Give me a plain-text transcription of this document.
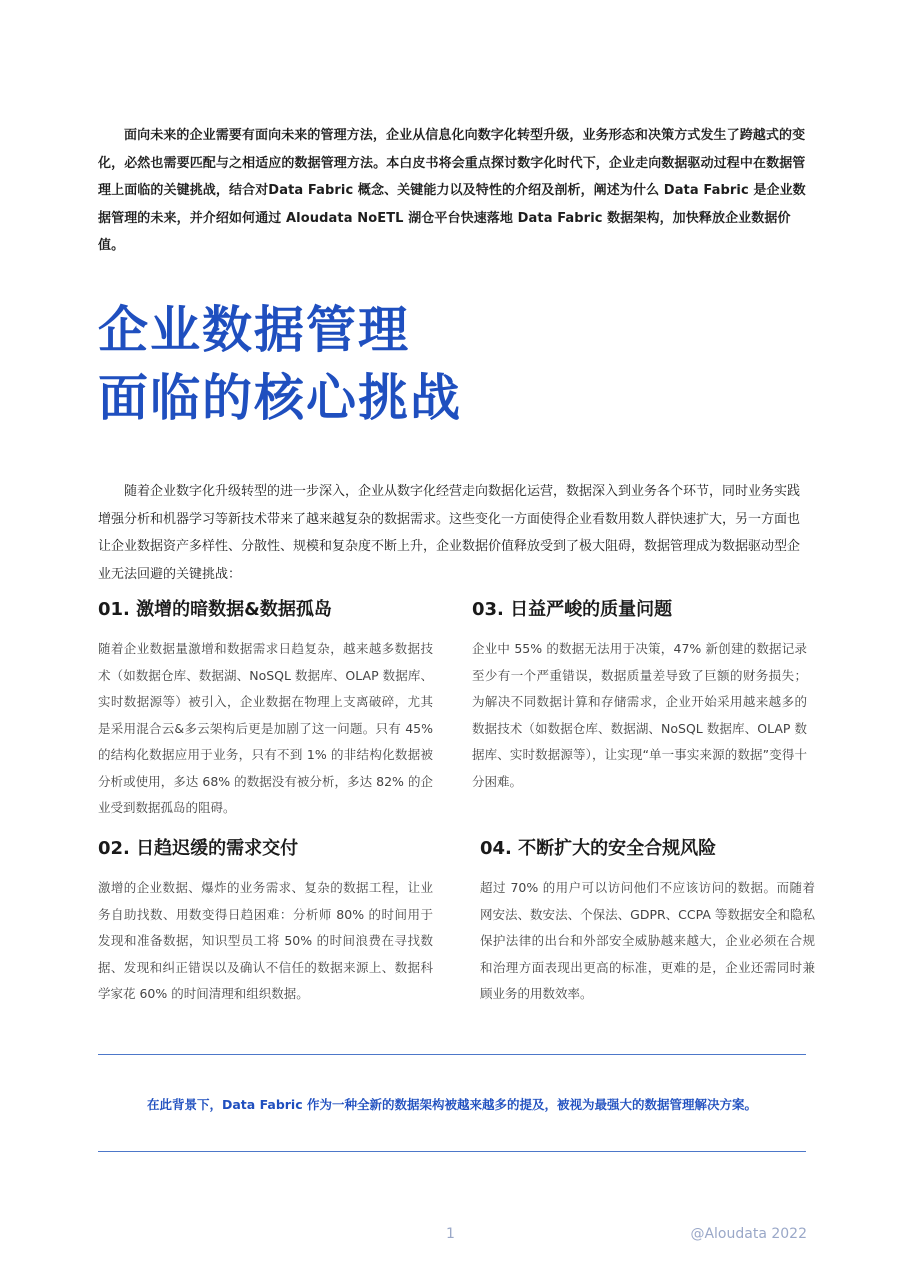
面向未来的企业需要有面向未来的管理方法，企业从信息化向数字化转型升级，业务形态和决策方式发生了跨越式的变化，必然也需要匹配与之相适应的数据管理方法。本白皮书将会重点探讨数字化时代下，企业走向数据驱动过程中在数据管理上面临的关键挑战，结合对Data Fabric 概念、关键能力以及特性的介绍及剖析，阐述为什么 Data Fabric 是企业数据管理的未来，并介绍如何通过 Aloudata NoETL 湖仓平台快速落地 Data Fabric 数据架构，加快释放企业数据价值。

企业数据管理
面临的核心挑战

随着企业数字化升级转型的进一步深入，企业从数字化经营走向数据化运营，数据深入到业务各个环节，同时业务实践增强分析和机器学习等新技术带来了越来越复杂的数据需求。这些变化一方面使得企业看数用数人群快速扩大，另一方面也让企业数据资产多样性、分散性、规模和复杂度不断上升，企业数据价值释放受到了极大阻碍，数据管理成为数据驱动型企业无法回避的关键挑战：

01. 激增的暗数据&数据孤岛

随着企业数据量激增和数据需求日趋复杂，越来越多数据技术（如数据仓库、数据湖、NoSQL 数据库、OLAP 数据库、实时数据源等）被引入，企业数据在物理上支离破碎，尤其是采用混合云&多云架构后更是加剧了这一问题。只有 45% 的结构化数据应用于业务，只有不到 1% 的非结构化数据被分析或使用，多达 68% 的数据没有被分析，多达 82% 的企业受到数据孤岛的阻碍。

03. 日益严峻的质量问题

企业中 55% 的数据无法用于决策，47% 新创建的数据记录至少有一个严重错误，数据质量差导致了巨额的财务损失；为解决不同数据计算和存储需求，企业开始采用越来越多的数据技术（如数据仓库、数据湖、NoSQL 数据库、OLAP 数据库、实时数据源等），让实现“单一事实来源的数据”变得十分困难。

02. 日趋迟缓的需求交付

激增的企业数据、爆炸的业务需求、复杂的数据工程，让业务自助找数、用数变得日趋困难：分析师 80% 的时间用于发现和准备数据，知识型员工将 50% 的时间浪费在寻找数据、发现和纠正错误以及确认不信任的数据来源上、数据科学家花 60% 的时间清理和组织数据。

04. 不断扩大的安全合规风险

超过 70% 的用户可以访问他们不应该访问的数据。而随着网安法、数安法、个保法、GDPR、CCPA 等数据安全和隐私保护法律的出台和外部安全威胁越来越大，企业必须在合规和治理方面表现出更高的标准，更难的是，企业还需同时兼顾业务的用数效率。

在此背景下，Data Fabric 作为一种全新的数据架构被越来越多的提及，被视为最强大的数据管理解决方案。

1	@Aloudata 2022
